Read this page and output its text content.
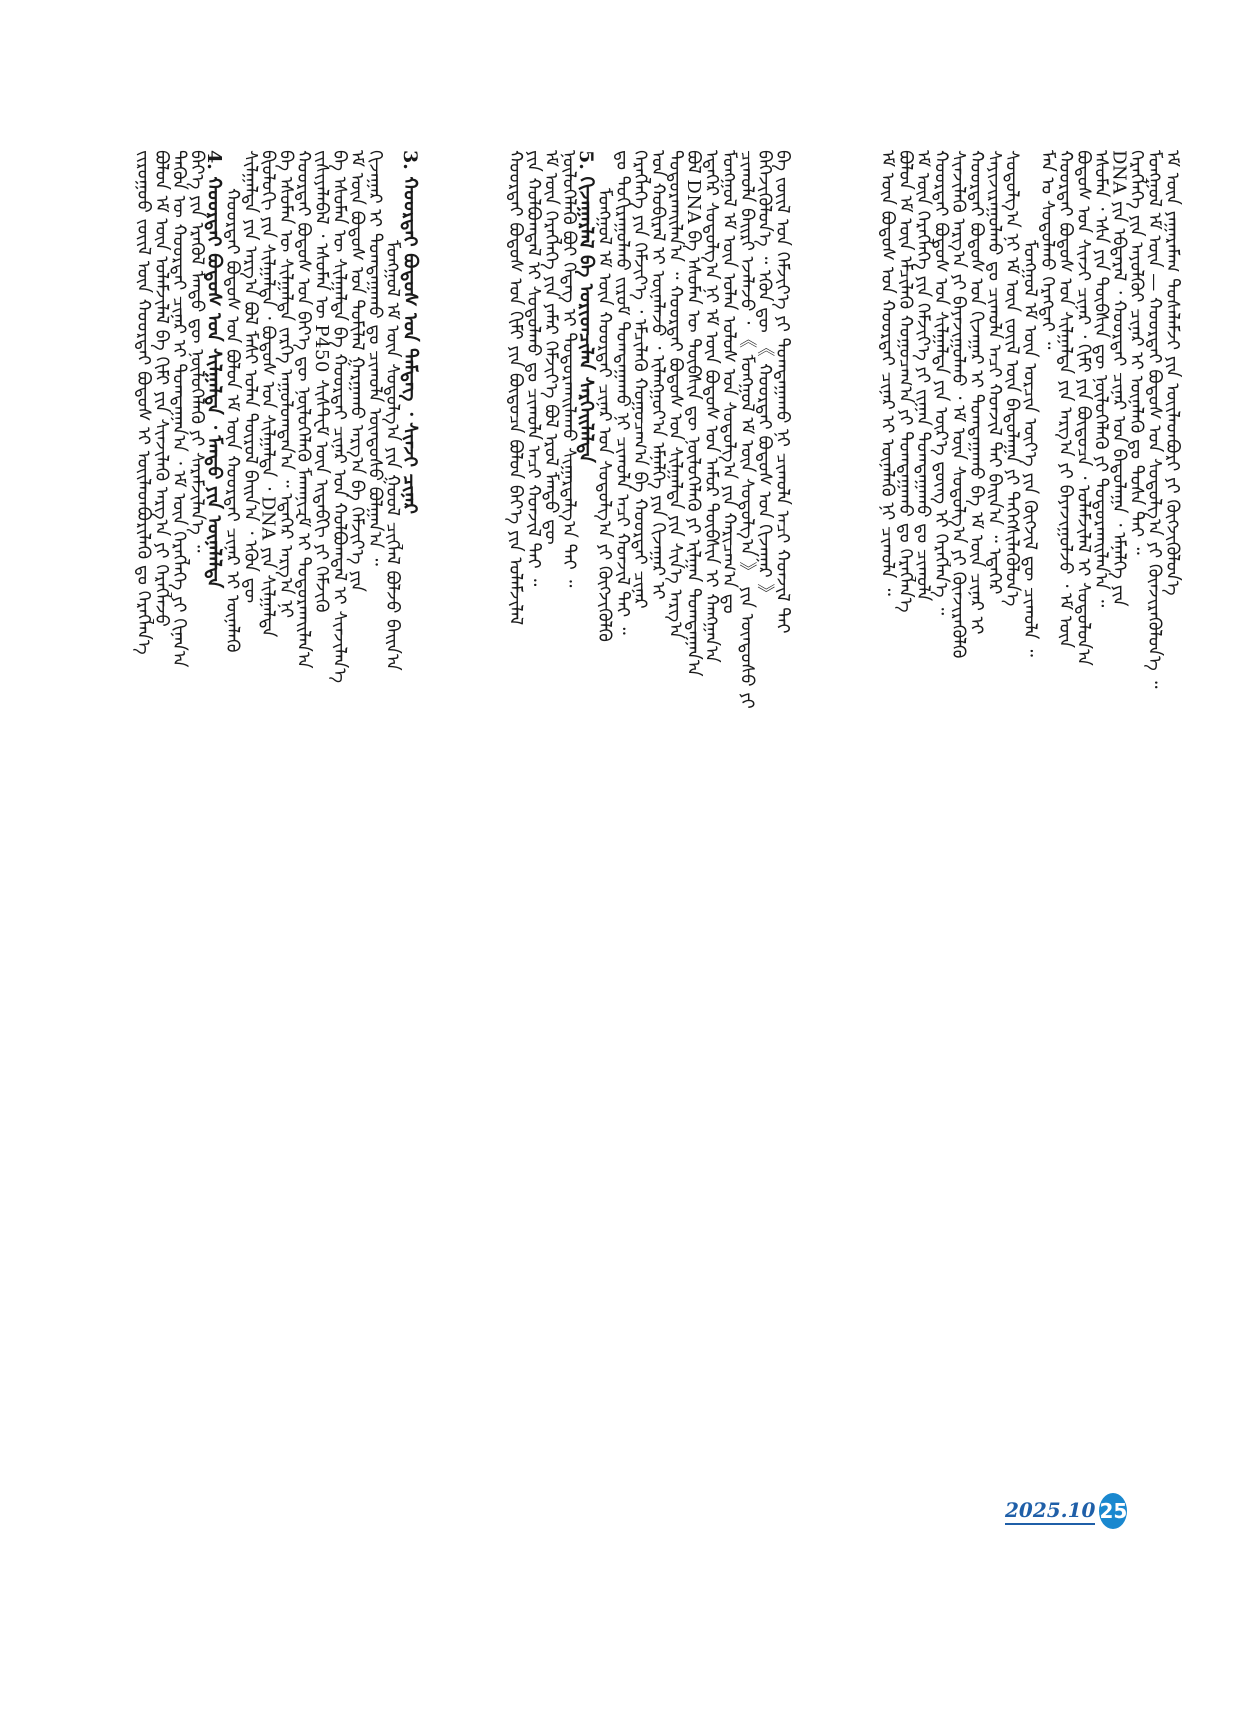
ᠵᠢᠷᠤᠭᠤᠤ ᠵᠦᠢᠯ ᠦᠨ ᠬᠣᠣᠷᠲᠠᠢ ᠪᠣᠳᠤᠰ ᠢ ᠦᠢᠯᠡᠳᠪᠦᠷᠢᠯᠡᠬᠦ ᠳᠤ ᠬᠡᠷᠡᠭᠯᠡᠨ᠎ᠡ
ᠪᠣᠯᠤᠨ ᠡᠮ ᠦᠨ ᠤᠯᠠᠮᠵᠢᠯᠠᠯ ᠪᠠ ᠬᠢᠮᠢ ᠶᠢᠨ ᠰᠢᠨᠵᠢᠯᠡᠬᠦ ᠠᠷᠭ᠎ᠠ ᠶᠢ ᠬᠡᠷᠡᠭᠯᠡᠵᠦ
ᠲᠡᠭᠦᠨ ᠦ ᠬᠣᠣᠷᠲᠠᠢ ᠴᠢᠨᠠᠷ ᠢ ᠲᠣᠭᠲᠠᠭᠠᠨ᠎ᠠ ᠂ ᠡᠮ ᠦᠨ ᠬᠡᠷᠡᠭᠯᠡᠭᠡ ᠶᠢ ᠬᠢᠨᠠᠨ᠎ᠠ
ᠪᠡᠶ᠎ᠡ ᠶᠢᠨ ᠡᠷᠡᠭᠦᠯ ᠮᠡᠨᠳᠦ ᠳᠦ ᠨᠥᠯᠦᠭᠡᠯᠡᠬᠦ ᠶᠢ ᠰᠡᠷᠡᠮᠵᠢᠯᠡᠨ᠎ᠡ ᠃
4. ᠬᠣᠣᠷᠲᠠᠢ ᠪᠣᠳᠤᠰ ᠤᠨ ᠰᠢᠯᠭᠠᠯᠲᠠ ᠂ ᠮᠡᠨᠳᠦ ᠶᠢᠨ ᠦᠨᠡᠯᠡᠯᠲᠡ
ᠬᠣᠣᠷᠲᠠᠢ ᠪᠣᠳᠤᠰ ᠤᠨ ᠪᠣᠯᠤᠨ ᠡᠮ ᠦᠨ ᠬᠣᠣᠷᠲᠠᠢ ᠴᠢᠨᠠᠷ ᠢ ᠦᠨᠡᠯᠡᠬᠦ
ᠰᠢᠯᠭᠠᠯᠲᠠ ᠶᠢᠨ ᠠᠷᠭ᠎ᠠ ᠪᠣᠯ ᠮᠠᠰᠢ ᠣᠯᠠᠨ ᠲᠥᠷᠦᠯ ᠪᠠᠢᠨ᠎ᠠ ᠂ ᠡᠭᠦᠨ ᠳᠦ
ᠪᠢᠣᠯᠣᠭᠢ ᠶᠢᠨ ᠰᠢᠯᠭᠠᠯᠲᠠ ᠂ ᠪᠣᠳᠤᠰ ᠤᠨ ᠰᠢᠯᠭᠠᠯᠲᠠ ᠂ DNA ᠶᠢᠨ ᠰᠢᠯᠭᠠᠯᠲᠠ
ᠪᠠ ᠡᠰᠦᠮᠡᠨ ᠦ ᠰᠢᠯᠭᠠᠯᠲᠠ ᠵᠡᠷᠭᠡ ᠠᠭᠤᠯᠤᠭᠳᠠᠨ᠎ᠠ ᠃ ᠡᠳᠡᠭᠡᠷ ᠠᠷᠭ᠎ᠠ ᠨᠢ
ᠬᠣᠣᠷᠲᠠᠢ ᠪᠣᠳᠤᠰ ᠤᠨ ᠪᠡᠶ᠎ᠡ ᠳᠦ ᠨᠥᠯᠦᠭᠡᠯᠡᠬᠦ ᠮᠡᠬᠠᠨᠢᠽᠮ ᠢ ᠲᠣᠳᠤᠷᠬᠠᠢᠯᠠᠨ᠎ᠠ
ᠵᠢᠱᠢᠶᠡᠯᠡᠪᠡᠯ ᠂ ᠡᠰᠦᠮᠡᠨ ᠦ P450 ᠰᠢᠰᠲ᠋ᠧᠮ ᠦᠨ ᠢᠳᠡᠪᠬᠢ ᠶᠢ ᠬᠡᠮᠵᠢᠬᠦ
ᠪᠠ ᠡᠰᠦᠮᠡᠨ ᠦ ᠰᠢᠯᠭᠠᠯᠲᠠ ᠪᠠ ᠬᠣᠣᠷᠲᠠᠢ ᠴᠢᠨᠠᠷ ᠤᠨ ᠬᠣᠯᠪᠣᠭᠳᠠᠯ ᠢ ᠰᠢᠨᠵᠢᠯᠡᠨ᠎ᠡ
ᠡᠮ ᠦᠨ ᠪᠣᠳᠤᠰ ᠤᠨ ᠲᠣᠮᠢᠯᠠᠯ ᠭᠠᠷᠭᠠᠬᠤ ᠠᠷᠭ᠎ᠠ ᠪᠠ ᠬᠡᠮᠵᠢᠶ᠎ᠡ ᠶᠢᠨ
ᠬᠢᠵᠠᠭᠠᠷ ᠢ ᠲᠣᠭᠲᠠᠭᠠᠬᠤ ᠳᠤ ᠴᠢᠬᠤᠯᠠ ᠦᠨᠳᠦᠰᠦ ᠪᠣᠯᠭᠠᠨ᠎ᠠ ᠃
ᠮᠣᠩᠭᠣᠯ ᠡᠮ ᠦᠨ ᠰᠤᠳᠤᠯᠭ᠎ᠠ ᠶᠢᠨ ᠭᠣᠣᠯ ᠴᠢᠭᠯᠡᠯ ᠪᠣᠯᠵᠤ ᠪᠠᠢᠨ᠎ᠠ
3. ᠬᠣᠣᠷᠲᠠᠢ ᠪᠣᠳᠤᠰ ᠤᠨ ᠲᠡᠮᠳᠡᠭ ᠂ ᠰᠢᠨᠵᠢ ᠴᠢᠨᠠᠷ	ᠬᠣᠣᠷᠲᠠᠢ ᠪᠣᠳᠤᠰ ᠤᠨ ᠬᠢᠮᠢ ᠶᠢᠨ ᠪᠦᠲᠦᠴᠡ ᠪᠣᠯᠤᠨ ᠪᠡᠶ᠎ᠡ ᠶᠢᠨ ᠤᠯᠠᠮᠵᠢᠯᠠᠯ
ᠶᠢᠨ ᠬᠣᠯᠪᠣᠭᠳᠠᠯ ᠢ ᠰᠤᠳᠤᠯᠬᠤ ᠳᠤ ᠴᠢᠬᠤᠯᠠ ᠠᠴᠢ ᠬᠣᠨᠵᠢᠯ ᠲᠠᠢ ᠃
ᠡᠮ ᠦᠨ ᠬᠡᠷᠡᠭᠯᠡᠭᠡ ᠶᠢᠨ ᠶᠠᠮᠠᠷ ᠬᠡᠮᠵᠢᠶ᠎ᠡ ᠪᠣᠯ ᠡᠷᠦᠯ ᠮᠡᠨᠳᠦ ᠳᠦ
ᠨᠥᠯᠦᠭᠡᠯᠡᠬᠦ ᠪᠤᠢ ᠭᠡᠳᠡᠭ ᠢ ᠲᠣᠳᠤᠷᠬᠠᠢᠯᠠᠬᠤ ᠰᠢᠭᠠᠷᠳᠠᠯᠭ᠎ᠠ ᠲᠠᠢ ᠃
5. ᠬᠢᠵᠠᠭᠠᠷᠯᠠᠯ ᠪᠠ ᠤᠷᠢᠳᠴᠢᠯᠠᠨ ᠰᠡᠷᠭᠡᠢᠯᠡᠯᠲᠡ
ᠮᠣᠩᠭᠣᠯ ᠡᠮ ᠦᠨ ᠬᠣᠣᠷᠲᠠᠢ ᠴᠢᠨᠠᠷ ᠤᠨ ᠰᠤᠳᠤᠯᠭ᠎ᠠ ᠶᠢ ᠬᠥᠭᠵᠢᠭᠦᠯᠬᠦ
ᠳᠤ ᠲᠣᠬᠢᠷᠠᠭᠤᠯᠬᠤ ᠵᠢᠷᠤᠮ ᠲᠣᠭᠲᠠᠭᠠᠬᠤ ᠨᠢ ᠴᠢᠬᠤᠯᠠ ᠠᠴᠢ ᠬᠣᠨᠵᠢᠯ ᠲᠠᠢ ᠃
ᠬᠡᠷᠡᠭᠯᠡᠭᠡ ᠶᠢᠨ ᠬᠡᠮᠵᠢᠶ᠎ᠡ ᠂ ᠡᠮᠴᠢᠯᠡᠬᠦ ᠬᠤᠭᠤᠴᠠᠭ᠎ᠠ ᠪᠠ ᠬᠣᠣᠷᠲᠠᠢ ᠴᠢᠨᠠᠷ
ᠤᠨ ᠬᠤᠪᠢᠷᠠᠯ ᠢ ᠦᠨᠡᠯᠡᠵᠦ ᠂ ᠢᠯᠠᠩᠭᠤᠶ᠎ᠠ ᠡᠮᠨᠡᠯᠭᠡ ᠶᠢᠨ ᠬᠢᠵᠠᠭᠠᠷ ᠢ
ᠲᠣᠳᠤᠷᠬᠠᠢᠯᠠᠨ᠎ᠠ ᠃ ᠬᠣᠣᠷᠲᠠᠢ ᠪᠣᠳᠤᠰ ᠤᠨ ᠰᠢᠯᠭᠠᠯᠲᠠ ᠶᠢᠨ ᠰᠢᠨ᠎ᠡ ᠠᠷᠭ᠎ᠠ
ᠪᠣᠯ DNA ᠪᠠ ᠡᠰᠦᠮᠡᠨ ᠦ ᠲᠦᠪᠰᠢᠨ ᠳᠦ ᠨᠥᠯᠦᠭᠡᠯᠡᠬᠦ ᠶᠢ ᠢᠯᠭᠠᠨ ᠲᠣᠭᠲᠠᠭᠠᠨ᠎ᠠ
ᠡᠳᠡᠭᠡᠷ ᠰᠤᠳᠤᠯᠭ᠎ᠠ ᠨᠢ ᠡᠮ ᠦᠨ ᠪᠣᠳᠤᠰ ᠤᠨ ᠠᠮᠤᠷ ᠲᠦᠪᠰᠢᠨ ᠢ ᠬᠠᠩᠭᠠᠨ᠎ᠠ
ᠮᠣᠩᠭᠣᠯ ᠡᠮ ᠦᠨ ᠣᠯᠠᠨ ᠤᠯᠤᠰ ᠤᠨ ᠰᠤᠳᠤᠯᠭ᠎ᠠ ᠶᠢᠨ ᠬᠠᠷᠢᠴᠠᠭ᠎ᠠ ᠳᠤ
ᠴᠢᠬᠤᠯᠠ ᠪᠠᠢᠷᠢ ᠡᠵᠡᠯᠡᠵᠦ ᠂ 《 ᠮᠣᠩᠭᠣᠯ ᠡᠮ ᠦᠨ ᠰᠤᠳᠤᠯᠭ᠎ᠠ 》 ᠶᠢᠨ ᠦᠨᠳᠦᠰᠦ ᠶᠢ
ᠪᠡᠬᠡᠵᠢᠭᠦᠯᠦᠨ᠎ᠡ ᠃ ᠡᠭᠦᠨ ᠳᠦ 《 ᠬᠣᠣᠷᠲᠠᠢ ᠪᠣᠳᠤᠰ ᠤᠨ ᠬᠢᠵᠠᠭᠠᠷ 》
ᠪᠠ ᠵᠦᠢᠯ ᠤᠨ ᠬᠡᠮᠵᠢᠶ᠎ᠡ ᠶᠢ ᠲᠣᠭᠲᠠᠭᠠᠬᠤ ᠨᠢ ᠴᠢᠬᠤᠯᠠ ᠠᠴᠢ ᠬᠣᠨᠵᠢᠯ ᠲᠠᠢ	ᠡᠮ ᠦᠨ ᠪᠣᠳᠤᠰ ᠤᠨ ᠬᠣᠣᠷᠲᠠᠢ ᠴᠢᠨᠠᠷ ᠢ ᠦᠨᠡᠯᠡᠬᠦ ᠨᠢ ᠴᠢᠬᠤᠯᠠ ᠃
ᠪᠣᠯᠤᠨ ᠡᠮ ᠦᠨ ᠡᠮᠴᠢᠯᠡᠬᠦ ᠬᠤᠭᠤᠴᠠᠭ᠎ᠠ ᠶᠢ ᠲᠣᠭᠲᠠᠭᠠᠬᠤ ᠳᠤ ᠬᠡᠷᠡᠭᠯᠡᠨ᠎ᠡ
ᠡᠮ ᠦᠨ ᠬᠡᠷᠡᠭᠯᠡᠭᠡ ᠶᠢᠨ ᠬᠡᠮᠵᠢᠶ᠎ᠡ ᠶᠢ ᠵᠢᠭᠠᠨ ᠲᠣᠭᠲᠠᠭᠠᠬᠤ ᠳᠤ ᠴᠢᠬᠤᠯᠠ
ᠬᠣᠣᠷᠲᠠᠢ ᠪᠣᠳᠤᠰ ᠤᠨ ᠰᠢᠯᠭᠠᠯᠲᠠ ᠶᠢᠨ ᠦᠷ᠎ᠡ ᠳ᠋ᠦᠩ ᠢ ᠬᠡᠷᠡᠭᠯᠡᠨ᠎ᠡ ᠃
ᠰᠢᠨᠵᠢᠯᠡᠬᠦ ᠠᠷᠭ᠎ᠠ ᠶᠢ ᠪᠠᠶᠠᠵᠢᠭᠤᠯᠬᠤ ᠂ ᠡᠮ ᠦᠨ ᠰᠤᠳᠤᠯᠭ᠎ᠠ ᠶᠢ ᠭᠦᠨᠵᠢᠷᠡᠭᠦᠯᠬᠦ
ᠬᠣᠣᠷᠲᠠᠢ ᠪᠣᠳᠤᠰ ᠤᠨ ᠬᠢᠵᠠᠭᠠᠷ ᠢ ᠲᠣᠭᠲᠠᠭᠠᠬᠤ ᠪᠠ ᠡᠮ ᠦᠨ ᠴᠢᠨᠠᠷ ᠢ
ᠰᠠᠶᠢᠵᠢᠷᠠᠭᠤᠯᠬᠤ ᠳᠤ ᠴᠢᠬᠤᠯᠠ ᠠᠴᠢ ᠬᠣᠨᠵᠢᠯ ᠲᠠᠢ ᠪᠠᠢᠨ᠎ᠠ ᠃ ᠡᠳᠡᠭᠡᠷ
ᠰᠤᠳᠤᠯᠭ᠎ᠠ ᠨᠢ ᠡᠮ ᠦᠨ ᠵᠦᠢᠯ ᠦᠨ ᠪᠠᠲᠤᠯᠠᠭᠠ ᠶᠢ ᠳᠡᠭᠡᠭᠰᠢᠯᠡᠭᠦᠯᠦᠨ᠎ᠡ
ᠮᠣᠩᠭᠣᠯ ᠡᠮ ᠦᠨ ᠣᠷᠴᠢᠨ ᠦᠶ᠎ᠡ ᠶᠢᠨ ᠬᠥᠭᠵᠢᠯ ᠳᠦ ᠴᠢᠬᠤᠯᠠ ᠃
ᠮᠠᠨ ᠤ ᠰᠤᠳᠤᠯᠬᠤ ᠬᠡᠷᠡᠭᠲᠡᠢ ᠃
ᠬᠣᠣᠷᠲᠠᠢ ᠪᠣᠳᠤᠰ ᠤᠨ ᠰᠢᠯᠭᠠᠯᠲᠠ ᠶᠢᠨ ᠠᠷᠭ᠎ᠠ ᠶᠢ ᠪᠠᠶᠠᠵᠢᠭᠤᠯᠵᠤ ᠂ ᠡᠮ ᠦᠨ
ᠪᠣᠳᠤᠰ ᠤᠨ ᠰᠢᠨᠵᠢ ᠴᠢᠨᠠᠷ ᠂ ᠬᠢᠮᠢ ᠶᠢᠨ ᠪᠦᠲᠦᠴᠡ ᠂ ᠤᠯᠠᠮᠵᠢᠯᠠᠯ ᠢ ᠰᠤᠳᠤᠯᠤᠨ᠎ᠠ
ᠡᠰᠦᠮᠡᠨ ᠂ ᠡᠰᠡ ᠶᠢᠨ ᠲᠦᠪᠰᠢᠨ ᠳᠦ ᠨᠥᠯᠦᠭᠡᠯᠡᠬᠦ ᠶᠢ ᠲᠣᠳᠤᠷᠬᠠᠢᠯᠠᠨ᠎ᠠ ᠃
DNA ᠶᠢᠨ ᠡᠪᠳᠡᠷᠡᠯ ᠂ ᠬᠣᠣᠷᠲᠠᠢ ᠴᠢᠨᠠᠷ ᠤᠨ ᠪᠠᠲᠤᠯᠠᠭᠠ ᠂ ᠡᠮᠨᠡᠯᠭᠡ ᠶᠢᠨ
ᠬᠡᠷᠡᠭᠯᠡᠭᠡ ᠶᠢᠨ ᠠᠶᠤᠯᠭᠦᠢ ᠴᠢᠨᠠᠷ ᠢ ᠦᠨᠡᠯᠡᠬᠦ ᠳᠤ ᠲᠣᠰᠠ ᠲᠠᠢ ᠃
ᠮᠣᠩᠭᠣᠯ ᠡᠮ ᠦᠨ — ᠬᠣᠣᠷᠲᠠᠢ ᠪᠣᠳᠤᠰ ᠤᠨ ᠰᠤᠳᠤᠯᠭ᠎ᠠ ᠶᠢ ᠭᠦᠨᠵᠢᠷᠡᠭᠦᠯᠦᠨ᠎ᠡ ᠃
ᠡᠮ ᠦᠨ ᠶᠠᠭᠠᠷᠠᠮᠠᠭ ᠲᠤᠰᠠᠯᠠᠮᠵᠢ ᠶᠢᠨ ᠦᠢᠯᠡᠳᠪᠦᠷᠢ ᠶᠢ ᠬᠥᠭᠵᠢᠭᠦᠯᠦᠨ᠎ᠡ
2025.10 25
